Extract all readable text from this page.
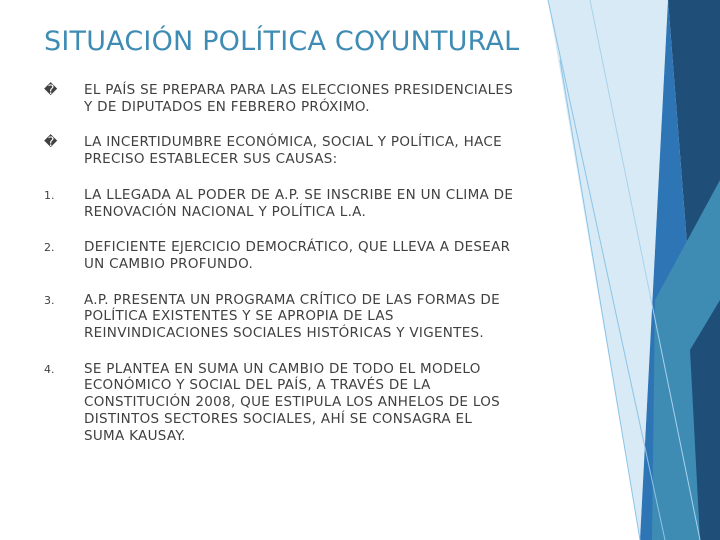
SITUACIÓN POLÍTICA COYUNTURAL
�	EL PAÍS SE PREPARA PARA LAS ELECCIONES PRESIDENCIALES Y DE DIPUTADOS EN FEBRERO PRÓXIMO.
�	LA INCERTIDUMBRE ECONÓMICA, SOCIAL Y POLÍTICA, HACE PRECISO ESTABLECER SUS CAUSAS:
1.	LA LLEGADA AL PODER DE A.P. SE INSCRIBE EN UN CLIMA DE RENOVACIÓN NACIONAL Y POLÍTICA L.A.
2.	DEFICIENTE EJERCICIO DEMOCRÁTICO, QUE LLEVA A DESEAR UN CAMBIO PROFUNDO.
3.	A.P. PRESENTA UN PROGRAMA CRÍTICO DE LAS FORMAS DE POLÍTICA EXISTENTES Y SE APROPIA DE LAS REINVINDICACIONES SOCIALES HISTÓRICAS Y VIGENTES.
4.	SE PLANTEA EN SUMA UN CAMBIO DE TODO EL MODELO ECONÓMICO Y SOCIAL DEL PAÍS, A TRAVÉS DE LA CONSTITUCIÓN 2008, QUE ESTIPULA LOS ANHELOS DE LOS DISTINTOS SECTORES SOCIALES, AHÍ SE CONSAGRA EL SUMA KAUSAY.
